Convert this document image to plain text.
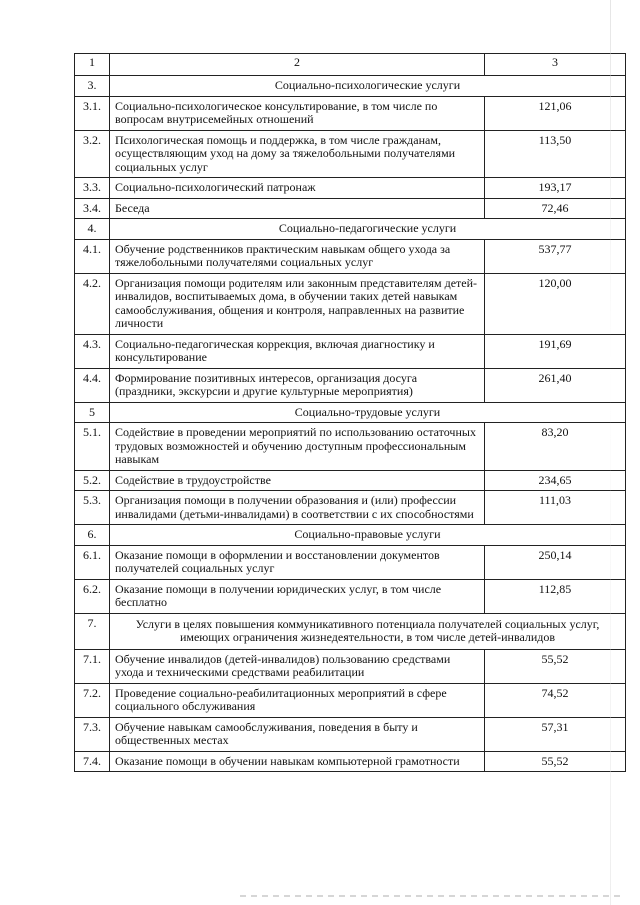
1	2	3
3.	Социально-психологические услуги	
3.1.	Социально-психологическое консультирование, в том числе по вопросам внутрисемейных отношений	121,06
3.2.	Психологическая помощь и поддержка, в том числе гражданам, осуществляющим уход на дому за тяжелобольными получателями социальных услуг	113,50
3.3.	Социально-психологический патронаж	193,17
3.4.	Беседа	72,46
4.	Социально-педагогические услуги	
4.1.	Обучение родственников практическим навыкам общего ухода за тяжелобольными получателями социальных услуг	537,77
4.2.	Организация помощи родителям или законным представителям детей-инвалидов, воспитываемых дома, в обучении таких детей навыкам самообслуживания, общения и контроля, направленных на развитие личности	120,00
4.3.	Социально-педагогическая коррекция, включая диагностику и консультирование	191,69
4.4.	Формирование позитивных интересов, организация досуга (праздники, экскурсии и другие культурные мероприятия)	261,40
5	Социально-трудовые услуги	
5.1.	Содействие в проведении мероприятий по использованию остаточных трудовых возможностей и обучению доступным профессиональным навыкам	83,20
5.2.	Содействие в трудоустройстве	234,65
5.3.	Организация помощи в получении образования и (или) профессии инвалидами (детьми-инвалидами) в соответствии с их способностями	111,03
6.	Социально-правовые услуги	
6.1.	Оказание помощи в оформлении и восстановлении документов получателей социальных услуг	250,14
6.2.	Оказание помощи в получении юридических услуг, в том числе бесплатно	112,85
7.	Услуги в целях повышения коммуникативного потенциала получателей социальных услуг, имеющих ограничения жизнедеятельности, в том числе детей-инвалидов	
7.1.	Обучение инвалидов (детей-инвалидов) пользованию средствами ухода и техническими средствами реабилитации	55,52
7.2.	Проведение социально-реабилитационных мероприятий в сфере социального обслуживания	74,52
7.3.	Обучение навыкам самообслуживания, поведения в быту и общественных местах	57,31
7.4.	Оказание помощи в обучении навыкам компьютерной грамотности	55,52
